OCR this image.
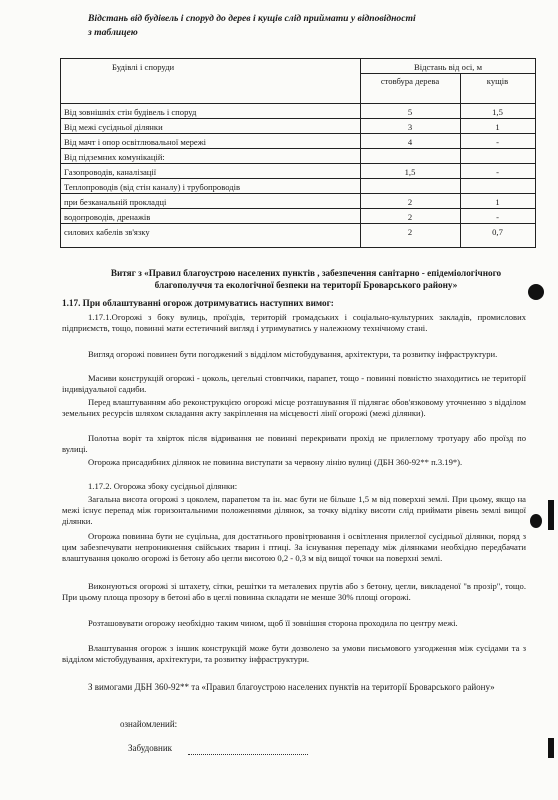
Відстань від будівель і споруд до дерев і кущів слід приймати у відповідності
з таблицею
Будівлі і споруди	Відстань від осі, м
стовбура дерева	кущів
Від зовнішніх стін будівель і споруд	5	1,5
Від межі сусідньої ділянки	3	1
Від мачт і опор освітлювальної мережі	4	-
Від підземних комунікацій:
Газопроводів, каналізації	1,5	-
Теплопроводів (від стін каналу) і трубопроводів
при безканальній прокладці	2	1
водопроводів, дренажів	2	-
силових кабелів зв'язку	2	0,7
Витяг з «Правил благоустрою населених пунктів , забезпечення санітарно - епідеміологічного
благополуччя та екологічної безпеки на території Броварського району»
1.17. При облаштуванні огорож дотримуватись наступних вимог:
1.17.1.Огорожі з боку вулиць, проїздів, територій громадських і соціально-культурних закладів, промислових підприємств, тощо, повинні мати естетичний вигляд і утримуватись у належному технічному стані.
Вигляд огорожі повинен бути погоджений з відділом містобудування, архітектури, та розвитку інфраструктури.
Масиви конструкцій огорожі - цоколь, цегельні стовпчики, парапет, тощо - повинні повністю знаходитись не території індивідуальної садиби.
Перед влаштуванням або реконструкцією огорожі місце розташування її підлягає обов'язковому уточненню з відділом земельних ресурсів шляхом складання акту закріплення на місцевості лінії огорожі (межі ділянки).
Полотна воріт та хвірток піcля відривання не повинні перекривати прохід не прилеглому тротуару або проїзд по вулиці.
Огорожа присадибних ділянок не повинна виступати за червону лінію вулиці (ДБН 360-92** п.3.19*).
1.17.2. Огорожа збоку сусідньої ділянки:
Загальна висота огорожі з цоколем, парапетом та ін. має бути не більше 1,5 м від поверхні землі. При цьому, якщо на межі існує перепад між горизонтальними положеннями ділянок, за точку відліку висоти слід приймати рівень землі вищої ділянки.
Огорожа повинна бути не суцільна, для достатнього провітрювання і освітлення прилеглої сусідньої ділянки, поряд з цим забезпечувати непроникнення свійських тварин і птиці. За існування перепаду між ділянками необхідно передбачати влаштування цоколю огорожі із бетону або цегли висотою 0,2 - 0,3 м від вищої точки на поверхні землі.
Виконуються огорожі зі штахету, сітки, решітки та металевих прутів або з бетону, цегли, викладеної "в прозір", тощо. При цьому площа прозору в бетоні або в цеглі повинна складати не менше 30% площі огорожі.
Розташовувати огорожу необхідно таким чином, щоб її зовнішня сторона проходила по центру межі.
Влаштування огорож з іншик конструкцій може бути дозволено за умови письмового узгодження між сусідами та з відділом містобудування, архітектури, та розвитку інфраструктури.
З вимогами ДБН 360-92** та «Правил благоустрою населених пунктів на території Броварського району»
ознайомлений:
Забудовник
